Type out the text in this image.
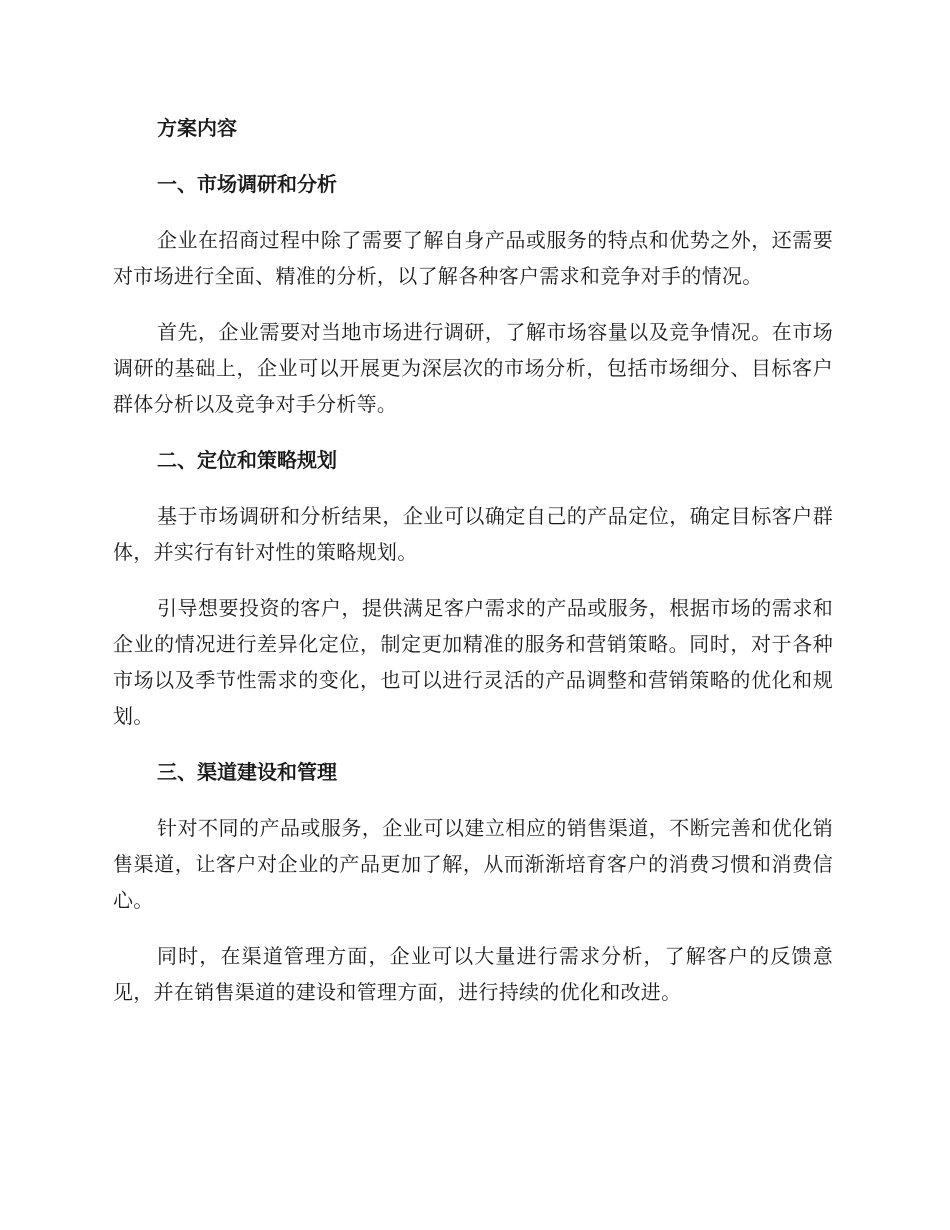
方案内容
一、市场调研和分析

企业在招商过程中除了需要了解自身产品或服务的特点和优势之外，还需要对市场进行全面、精准的分析，以了解各种客户需求和竞争对手的情况。

首先，企业需要对当地市场进行调研，了解市场容量以及竞争情况。在市场调研的基础上，企业可以开展更为深层次的市场分析，包括市场细分、目标客户群体分析以及竞争对手分析等。

二、定位和策略规划

基于市场调研和分析结果，企业可以确定自己的产品定位，确定目标客户群体，并实行有针对性的策略规划。

引导想要投资的客户，提供满足客户需求的产品或服务，根据市场的需求和企业的情况进行差异化定位，制定更加精准的服务和营销策略。同时，对于各种市场以及季节性需求的变化，也可以进行灵活的产品调整和营销策略的优化和规划。

三、渠道建设和管理

针对不同的产品或服务，企业可以建立相应的销售渠道，不断完善和优化销售渠道，让客户对企业的产品更加了解，从而渐渐培育客户的消费习惯和消费信心。

同时，在渠道管理方面，企业可以大量进行需求分析，了解客户的反馈意见，并在销售渠道的建设和管理方面，进行持续的优化和改进。
